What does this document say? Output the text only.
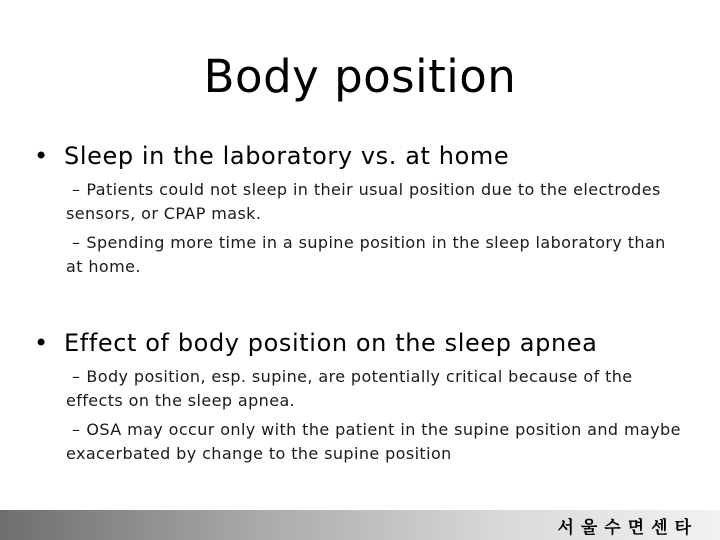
Body position
• Sleep in the laboratory vs. at home
– Patients could not sleep in their usual position due to the electrodes sensors, or CPAP mask.
– Spending more time in a supine position in the sleep laboratory than at home.
• Effect of body position on the sleep apnea
– Body position, esp. supine, are potentially critical because of the effects on the sleep apnea.
– OSA may occur only with the patient in the supine position and maybe exacerbated by change to the supine position
서울수면센타
